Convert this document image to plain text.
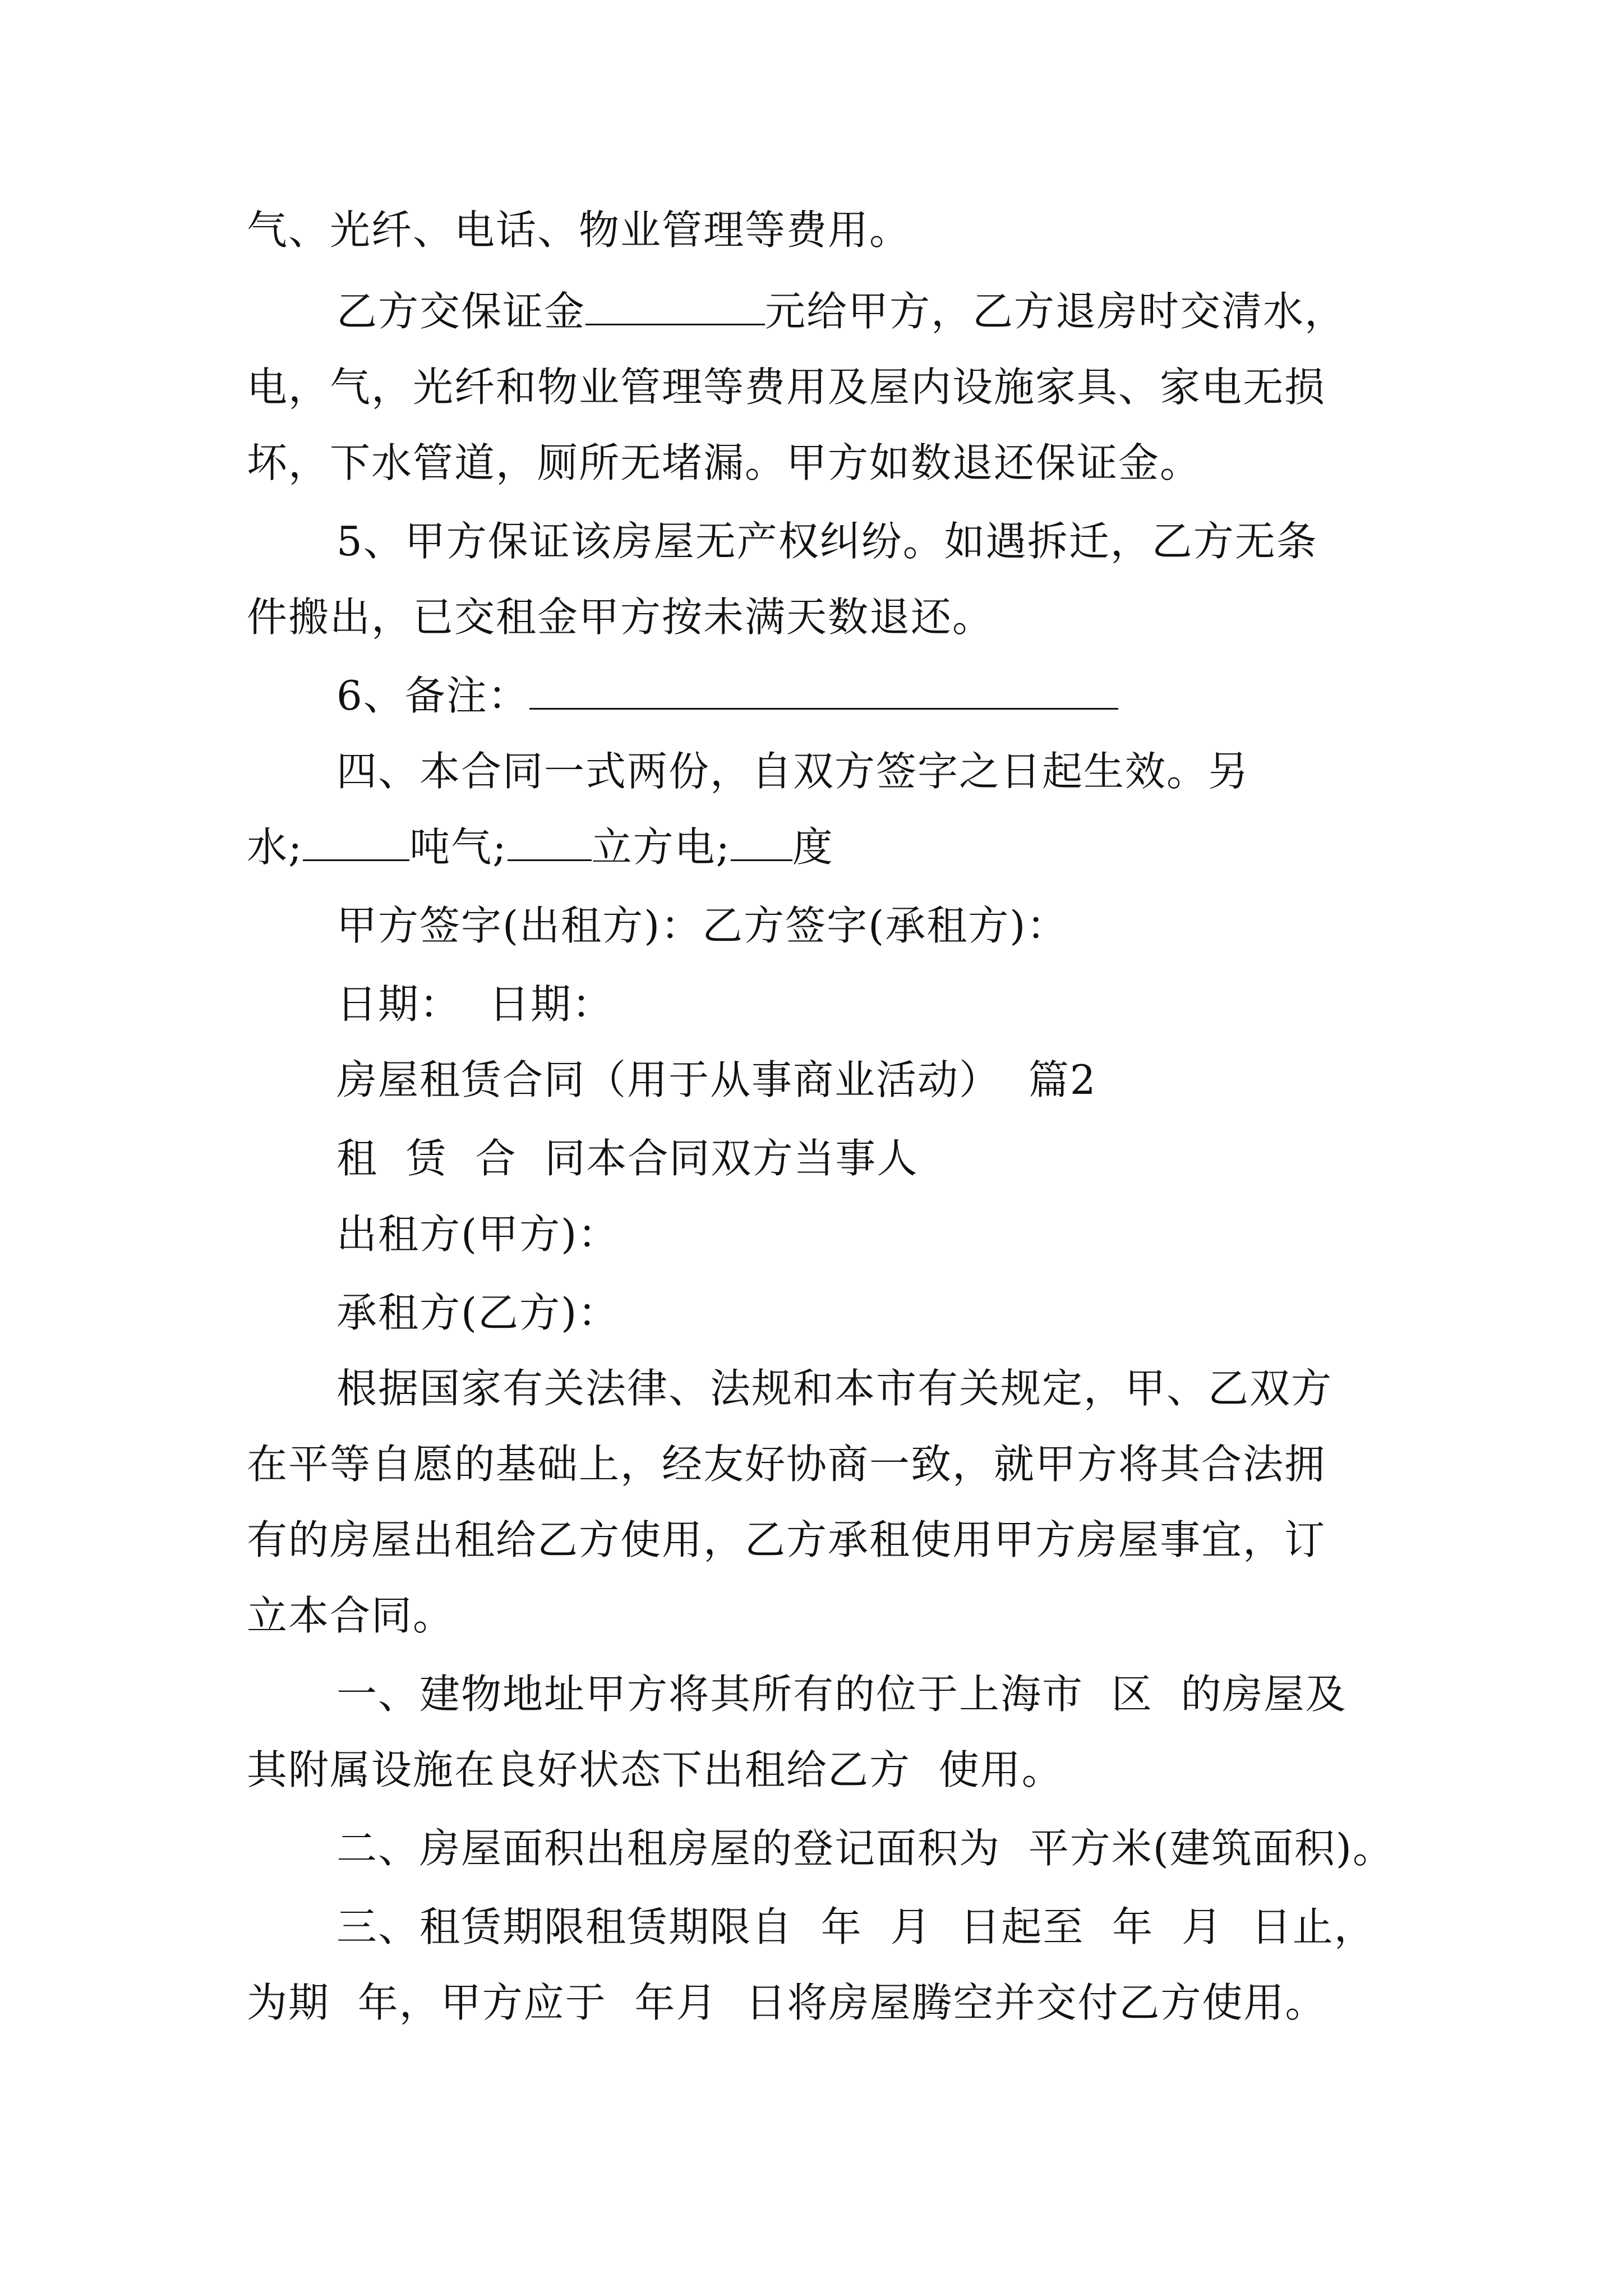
气、光纤、电话、物业管理等费用。
乙方交保证金	元给甲方，乙方退房时交清水，
电，气，光纤和物业管理等费用及屋内设施家具、家电无损
坏，下水管道，厕所无堵漏。甲方如数退还保证金。
5、甲方保证该房屋无产权纠纷。如遇拆迁，乙方无条
件搬出，已交租金甲方按未满天数退还。
6、备注：
四、本合同一式两份，自双方签字之日起生效。另
水;	吨气; 立方电; 度
甲方签字(出租方)：乙方签字(承租方)：
日期：  日期：
房屋租赁合同（用于从事商业活动）  篇2
租  赁  合  同本合同双方当事人
出租方(甲方)：
承租方(乙方)：
根据国家有关法律、法规和本市有关规定，甲、乙双方
在平等自愿的基础上，经友好协商一致，就甲方将其合法拥
有的房屋出租给乙方使用，乙方承租使用甲方房屋事宜，订
立本合同。
一、建物地址甲方将其所有的位于上海市  区  的房屋及
其附属设施在良好状态下出租给乙方  使用。
二、房屋面积出租房屋的登记面积为  平方米(建筑面积)。
三、租赁期限租赁期限自  年  月  日起至  年  月  日止，
为期  年，甲方应于  年月  日将房屋腾空并交付乙方使用。
